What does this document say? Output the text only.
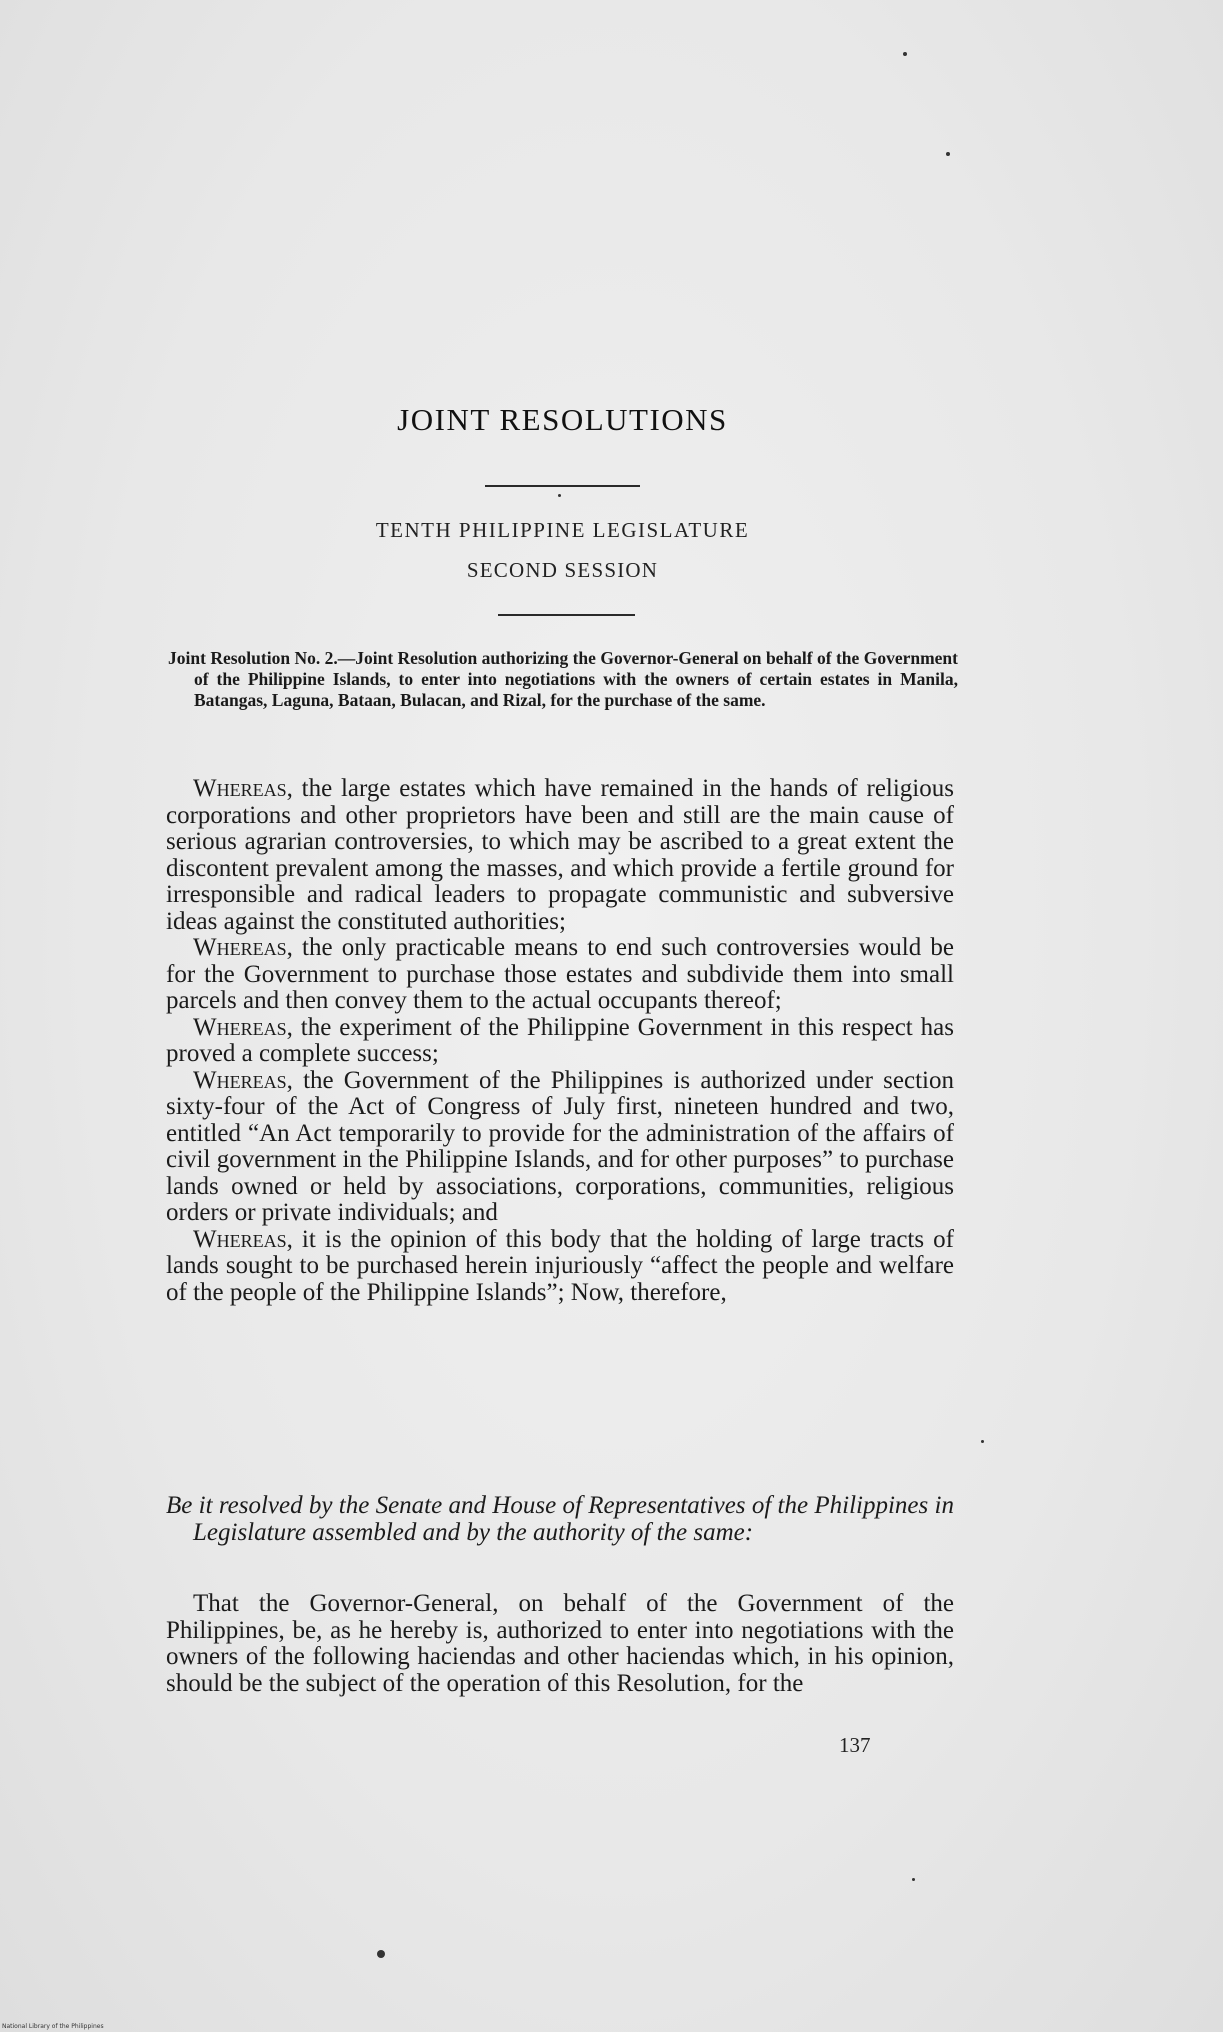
JOINT RESOLUTIONS
TENTH PHILIPPINE LEGISLATURE
SECOND SESSION
Joint Resolution No. 2.—Joint Resolution authorizing the Governor-General on behalf of the Government of the Philippine Islands, to enter into negotiations with the owners of certain estates in Manila, Batangas, Laguna, Bataan, Bulacan, and Rizal, for the purchase of the same.

Whereas, the large estates which have remained in the hands of religious corporations and other proprietors have been and still are the main cause of serious agrarian controversies, to which may be ascribed to a great extent the discontent prevalent among the masses, and which provide a fertile ground for irresponsible and radical leaders to propagate communistic and subversive ideas against the constituted authorities;

Whereas, the only practicable means to end such controversies would be for the Government to purchase those estates and subdivide them into small parcels and then convey them to the actual occupants thereof;

Whereas, the experiment of the Philippine Government in this respect has proved a complete success;

Whereas, the Government of the Philippines is authorized under section sixty-four of the Act of Congress of July first, nineteen hundred and two, entitled “An Act temporarily to provide for the administration of the affairs of civil government in the Philippine Islands, and for other purposes” to purchase lands owned or held by associations, corporations, communities, religious orders or private individuals; and

Whereas, it is the opinion of this body that the holding of large tracts of lands sought to be purchased herein injuriously “affect the people and welfare of the people of the Philippine Islands”; Now, therefore,

Be it resolved by the Senate and House of Representatives of the Philippines in Legislature assembled and by the authority of the same:

That the Governor-General, on behalf of the Government of the Philippines, be, as he hereby is, authorized to enter into negotiations with the owners of the following haciendas and other haciendas which, in his opinion, should be the subject of the operation of this Resolution, for the

137
National Library of the Philippines
